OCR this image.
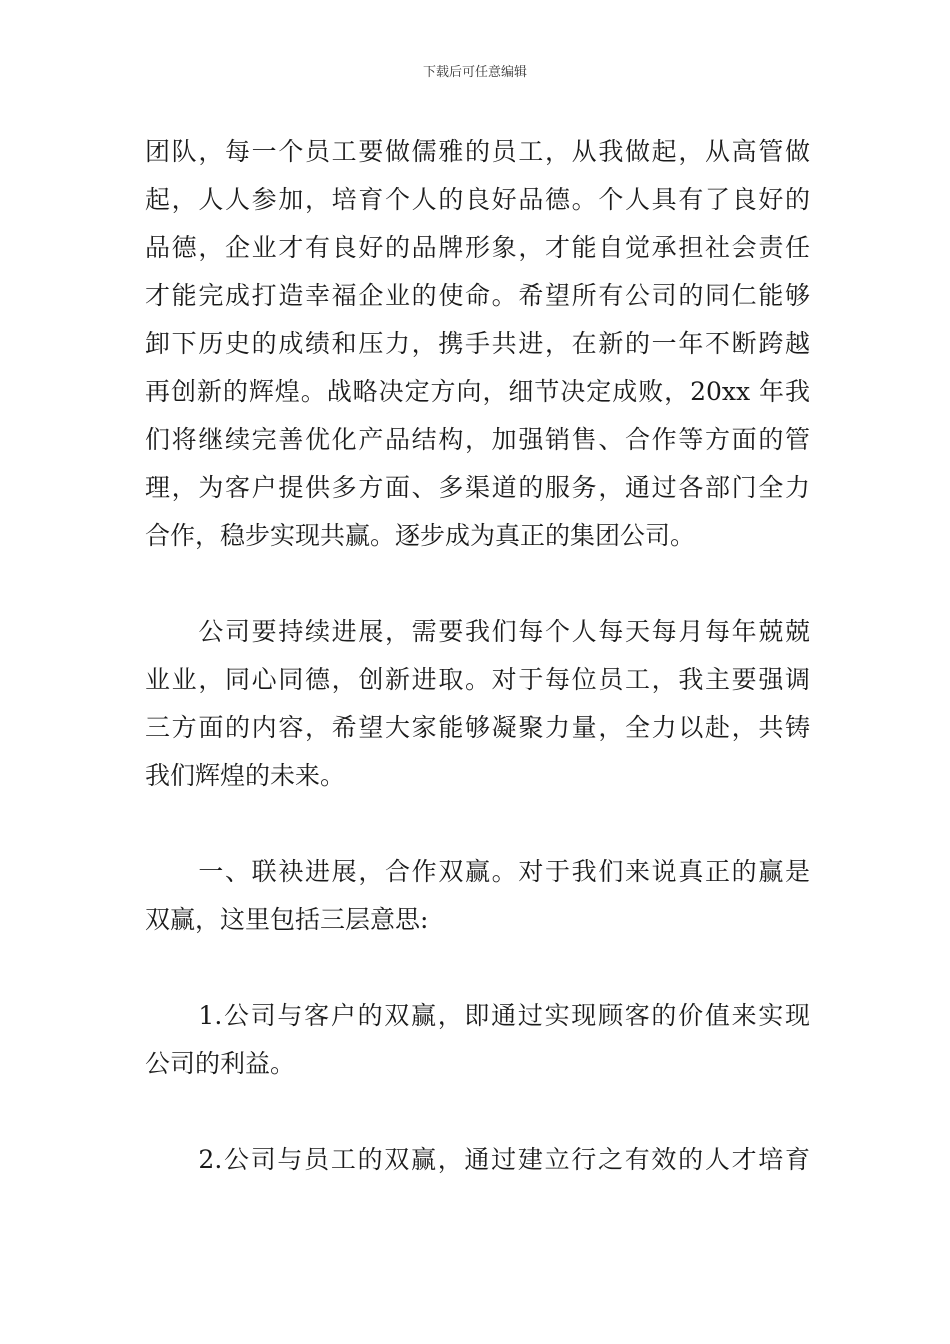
下载后可任意编辑
团队，每一个员工要做儒雅的员工，从我做起，从高管做
起，人人参加，培育个人的良好品德。个人具有了良好的
品德，企业才有良好的品牌形象，才能自觉承担社会责任
才能完成打造幸福企业的使命。希望所有公司的同仁能够
卸下历史的成绩和压力，携手共进，在新的一年不断跨越
再创新的辉煌。战略决定方向，细节决定成败，20xx 年我
们将继续完善优化产品结构，加强销售、合作等方面的管
理，为客户提供多方面、多渠道的服务，通过各部门全力
合作，稳步实现共赢。逐步成为真正的集团公司。
　　公司要持续进展，需要我们每个人每天每月每年兢兢
业业，同心同德，创新进取。对于每位员工，我主要强调
三方面的内容，希望大家能够凝聚力量，全力以赴，共铸
我们辉煌的未来。
　　一、联袂进展，合作双赢。对于我们来说真正的赢是
双赢，这里包括三层意思:
　　1.公司与客户的双赢，即通过实现顾客的价值来实现
公司的利益。
　　2.公司与员工的双赢，通过建立行之有效的人才培育
